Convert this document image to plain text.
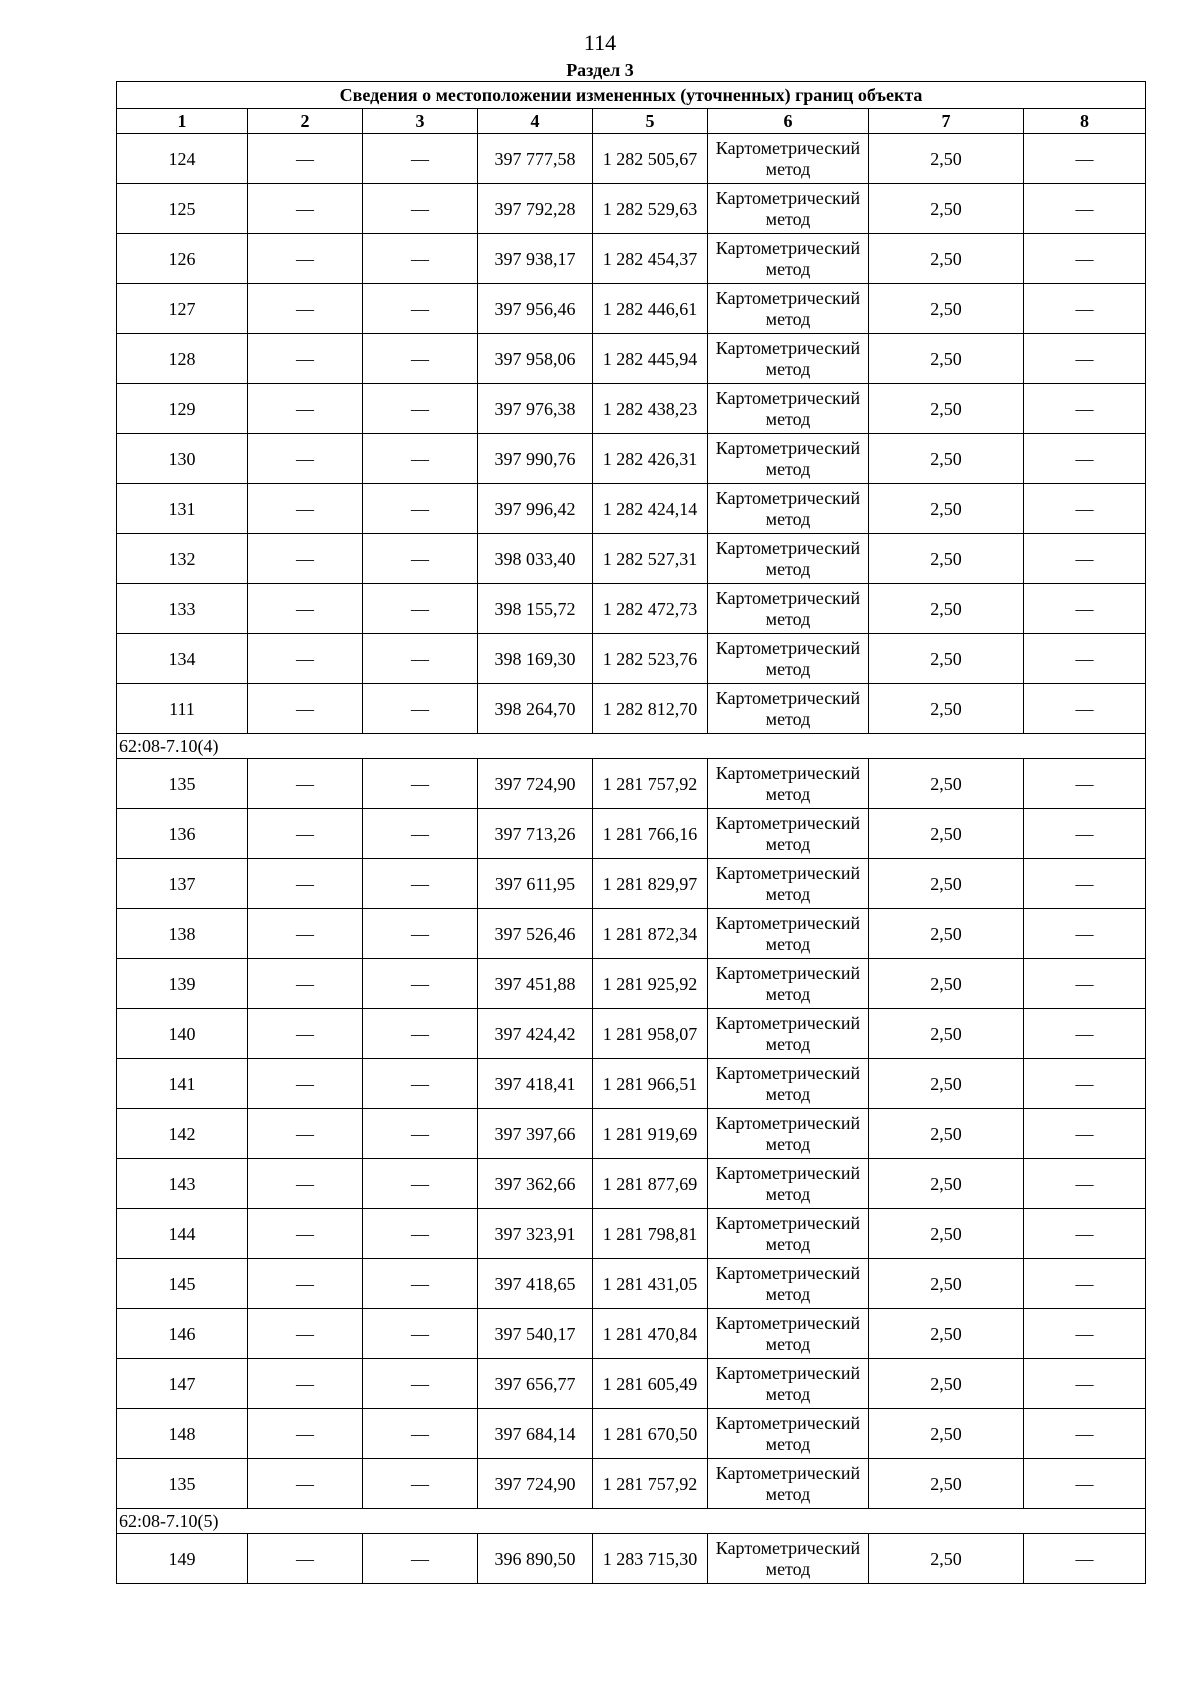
114
Раздел 3
Сведения о местоположении измененных (уточненных) границ объекта							
1	2	3	4	5	6	7	8
124	—	—	397 777,58	1 282 505,67	Картометрический метод	2,50	—
125	—	—	397 792,28	1 282 529,63	Картометрический метод	2,50	—
126	—	—	397 938,17	1 282 454,37	Картометрический метод	2,50	—
127	—	—	397 956,46	1 282 446,61	Картометрический метод	2,50	—
128	—	—	397 958,06	1 282 445,94	Картометрический метод	2,50	—
129	—	—	397 976,38	1 282 438,23	Картометрический метод	2,50	—
130	—	—	397 990,76	1 282 426,31	Картометрический метод	2,50	—
131	—	—	397 996,42	1 282 424,14	Картометрический метод	2,50	—
132	—	—	398 033,40	1 282 527,31	Картометрический метод	2,50	—
133	—	—	398 155,72	1 282 472,73	Картометрический метод	2,50	—
134	—	—	398 169,30	1 282 523,76	Картометрический метод	2,50	—
111	—	—	398 264,70	1 282 812,70	Картометрический метод	2,50	—
62:08-7.10(4)							
135	—	—	397 724,90	1 281 757,92	Картометрический метод	2,50	—
136	—	—	397 713,26	1 281 766,16	Картометрический метод	2,50	—
137	—	—	397 611,95	1 281 829,97	Картометрический метод	2,50	—
138	—	—	397 526,46	1 281 872,34	Картометрический метод	2,50	—
139	—	—	397 451,88	1 281 925,92	Картометрический метод	2,50	—
140	—	—	397 424,42	1 281 958,07	Картометрический метод	2,50	—
141	—	—	397 418,41	1 281 966,51	Картометрический метод	2,50	—
142	—	—	397 397,66	1 281 919,69	Картометрический метод	2,50	—
143	—	—	397 362,66	1 281 877,69	Картометрический метод	2,50	—
144	—	—	397 323,91	1 281 798,81	Картометрический метод	2,50	—
145	—	—	397 418,65	1 281 431,05	Картометрический метод	2,50	—
146	—	—	397 540,17	1 281 470,84	Картометрический метод	2,50	—
147	—	—	397 656,77	1 281 605,49	Картометрический метод	2,50	—
148	—	—	397 684,14	1 281 670,50	Картометрический метод	2,50	—
135	—	—	397 724,90	1 281 757,92	Картометрический метод	2,50	—
62:08-7.10(5)							
149	—	—	396 890,50	1 283 715,30	Картометрический метод	2,50	—
